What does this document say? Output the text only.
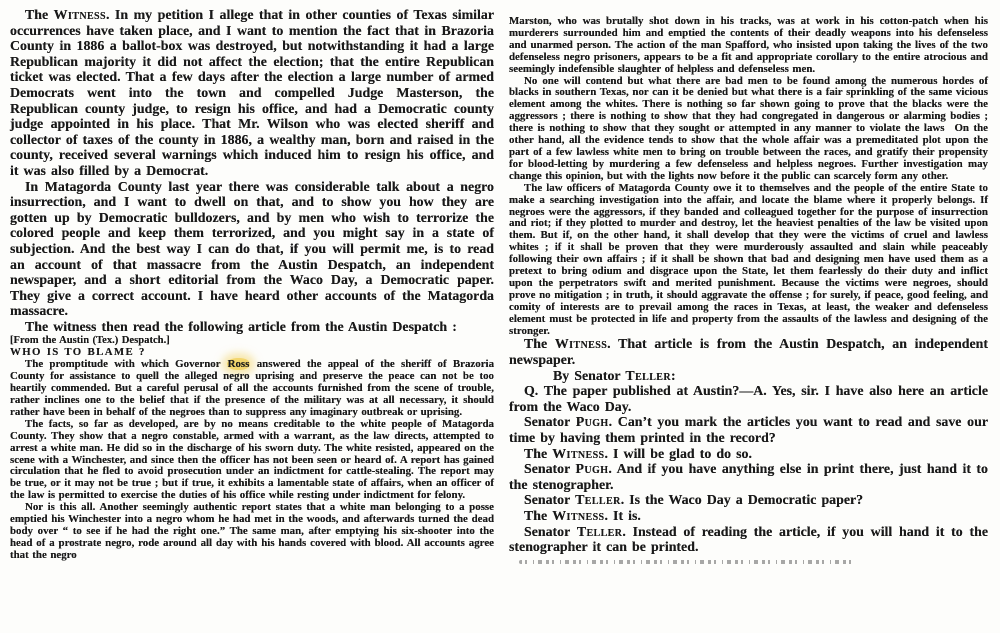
The Witness. In my petition I allege that in other counties of Texas similar occurrences have taken place, and I want to mention the fact that in Brazoria County in 1886 a ballot-box was destroyed, but notwithstanding it had a large Republican majority it did not affect the election; that the entire Republican ticket was elected. That a few days after the election a large number of armed Democrats went into the town and compelled Judge Masterson, the Republican county judge, to resign his office, and had a Democratic county judge appointed in his place. That Mr. Wilson who was elected sheriff and collector of taxes of the county in 1886, a wealthy man, born and raised in the county, received several warnings which induced him to resign his office, and it was also filled by a Democrat.

In Matagorda County last year there was considerable talk about a negro insurrection, and I want to dwell on that, and to show you how they are gotten up by Democratic bulldozers, and by men who wish to terrorize the colored people and keep them terrorized, and you might say in a state of subjection. And the best way I can do that, if you will permit me, is to read an account of that massacre from the Austin Despatch, an independent newspaper, and a short editorial from the Waco Day, a Democratic paper. They give a correct account. I have heard other accounts of the Matagorda massacre.

The witness then read the following article from the Austin Despatch :

[From the Austin (Tex.) Despatch.]

WHO IS TO BLAME ?

The promptitude with which Governor Ross answered the appeal of the sheriff of Brazoria County for assistance to quell the alleged negro uprising and preserve the peace can not be too heartily commended. But a careful perusal of all the accounts furnished from the scene of trouble, rather inclines one to the belief that if the presence of the military was at all necessary, it should rather have been in behalf of the negroes than to suppress any imaginary outbreak or uprising.

The facts, so far as developed, are by no means creditable to the white people of Matagorda County. They show that a negro constable, armed with a warrant, as the law directs, attempted to arrest a white man. He did so in the discharge of his sworn duty. The white resisted, appeared on the scene with a Winchester, and since then the officer has not been seen or heard of. A report has gained circulation that he fled to avoid prosecution under an indictment for cattle-stealing. The report may be true, or it may not be true ; but if true, it exhibits a lamentable state of affairs, when an officer of the law is permitted to exercise the duties of his office while resting under indictment for felony.

Nor is this all. Another seemingly authentic report states that a white man belonging to a posse emptied his Winchester into a negro whom he had met in the woods, and afterwards turned the dead body over “ to see if he had the right one.” The same man, after emptying his six-shooter into the head of a prostrate negro, rode around all day with his hands covered with blood. All accounts agree that the negro

Marston, who was brutally shot down in his tracks, was at work in his cotton-patch when his murderers surrounded him and emptied the contents of their deadly weapons into his defenseless and unarmed person. The action of the man Spafford, who insisted upon taking the lives of the two defenseless negro prisoners, appears to be a fit and appropriate corollary to the entire atrocious and seemingly indefensible slaughter of helpless and defenseless men.

No one will contend but what there are bad men to be found among the numerous hordes of blacks in southern Texas, nor can it be denied but what there is a fair sprinkling of the same vicious element among the whites. There is nothing so far shown going to prove that the blacks were the aggressors ; there is nothing to show that they had congregated in dangerous or alarming bodies ; there is nothing to show that they sought or attempted in any manner to violate the laws  On the other hand, all the evidence tends to show that the whole affair was a premeditated plot upon the part of a few lawless white men to bring on trouble between the races, and gratify their propensity for blood-letting by murdering a few defenseless and helpless negroes. Further investigation may change this opinion, but with the lights now before it the public can scarcely form any other.

The law officers of Matagorda County owe it to themselves and the people of the entire State to make a searching investigation into the affair, and locate the blame where it properly belongs. If negroes were the aggressors, if they banded and colleagued together for the purpose of insurrection and riot; if they plotted to murder and destroy, let the heaviest penalties of the law be visited upon them. But if, on the other hand, it shall develop that they were the victims of cruel and lawless whites ; if it shall be proven that they were murderously assaulted and slain while peaceably following their own affairs ; if it shall be shown that bad and designing men have used them as a pretext to bring odium and disgrace upon the State, let them fearlessly do their duty and inflict upon the perpetrators swift and merited punishment. Because the victims were negroes, should prove no mitigation ; in truth, it should aggravate the offense ; for surely, if peace, good feeling, and comity of interests are to prevail among the races in Texas, at least, the weaker and defenseless element must be protected in life and property from the assaults of the lawless and designing of the stronger.

The Witness. That article is from the Austin Despatch, an independent newspaper.

By Senator Teller:

Q. The paper published at Austin?—A. Yes, sir. I have also here an article from the Waco Day.

Senator Pugh. Can’t you mark the articles you want to read and save our time by having them printed in the record?

The Witness. I will be glad to do so.

Senator Pugh. And if you have anything else in print there, just hand it to the stenographer.

Senator Teller. Is the Waco Day a Democratic paper?

The Witness. It is.

Senator Teller. Instead of reading the article, if you will hand it to the stenographer it can be printed.
